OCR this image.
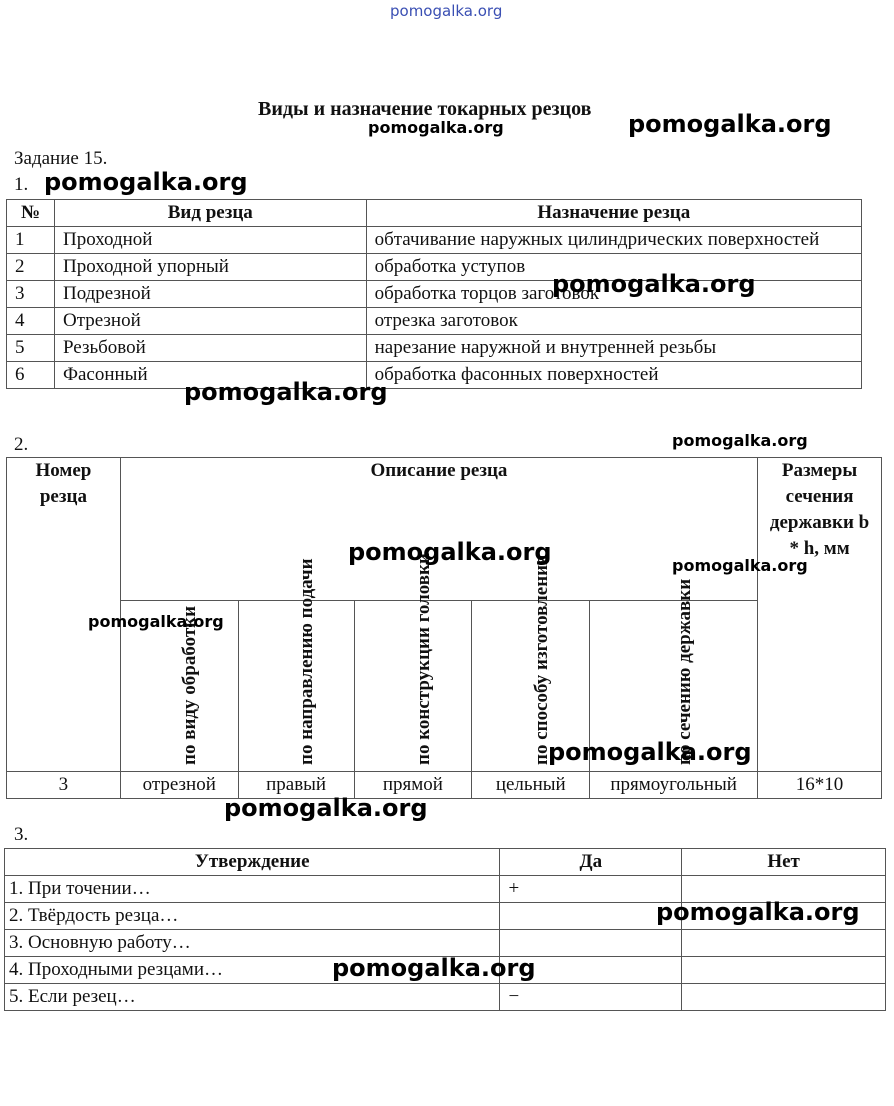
pomogalka.org
Виды и назначение токарных резцов
pomogalka.org	pomogalka.org
Задание 15.
1. pomogalka.org
№	Вид резца	Назначение резца
1	Проходной	обтачивание наружных цилиндрических поверхностей
2	Проходной упорный	обработка уступов
3	Подрезной	обработка торцов заготовок
4	Отрезной	отрезка заготовок
5	Резьбовой	нарезание наружной и внутренней резьбы
6	Фасонный	обработка фасонных поверхностей
pomogalka.org
pomogalka.org
2.	pomogalka.org
Номер резца	Описание резца					Размеры сечения державки b * h, мм

	по виду обработки	по направлению подачи	по конструкции головки	по способу изготовления	по сечению державки	

3	отрезной	правый	прямой	цельный	прямоугольный	16*10
pomogalka.org	pomogalka.org
pomogalka.org
pomogalka.org
pomogalka.org
3.
Утверждение	Да	Нет
1. При точении…	+	
2. Твёрдость резца…		
3. Основную работу…		
4. Проходными резцами…		
5. Если резец…	−	
pomogalka.org
pomogalka.org
